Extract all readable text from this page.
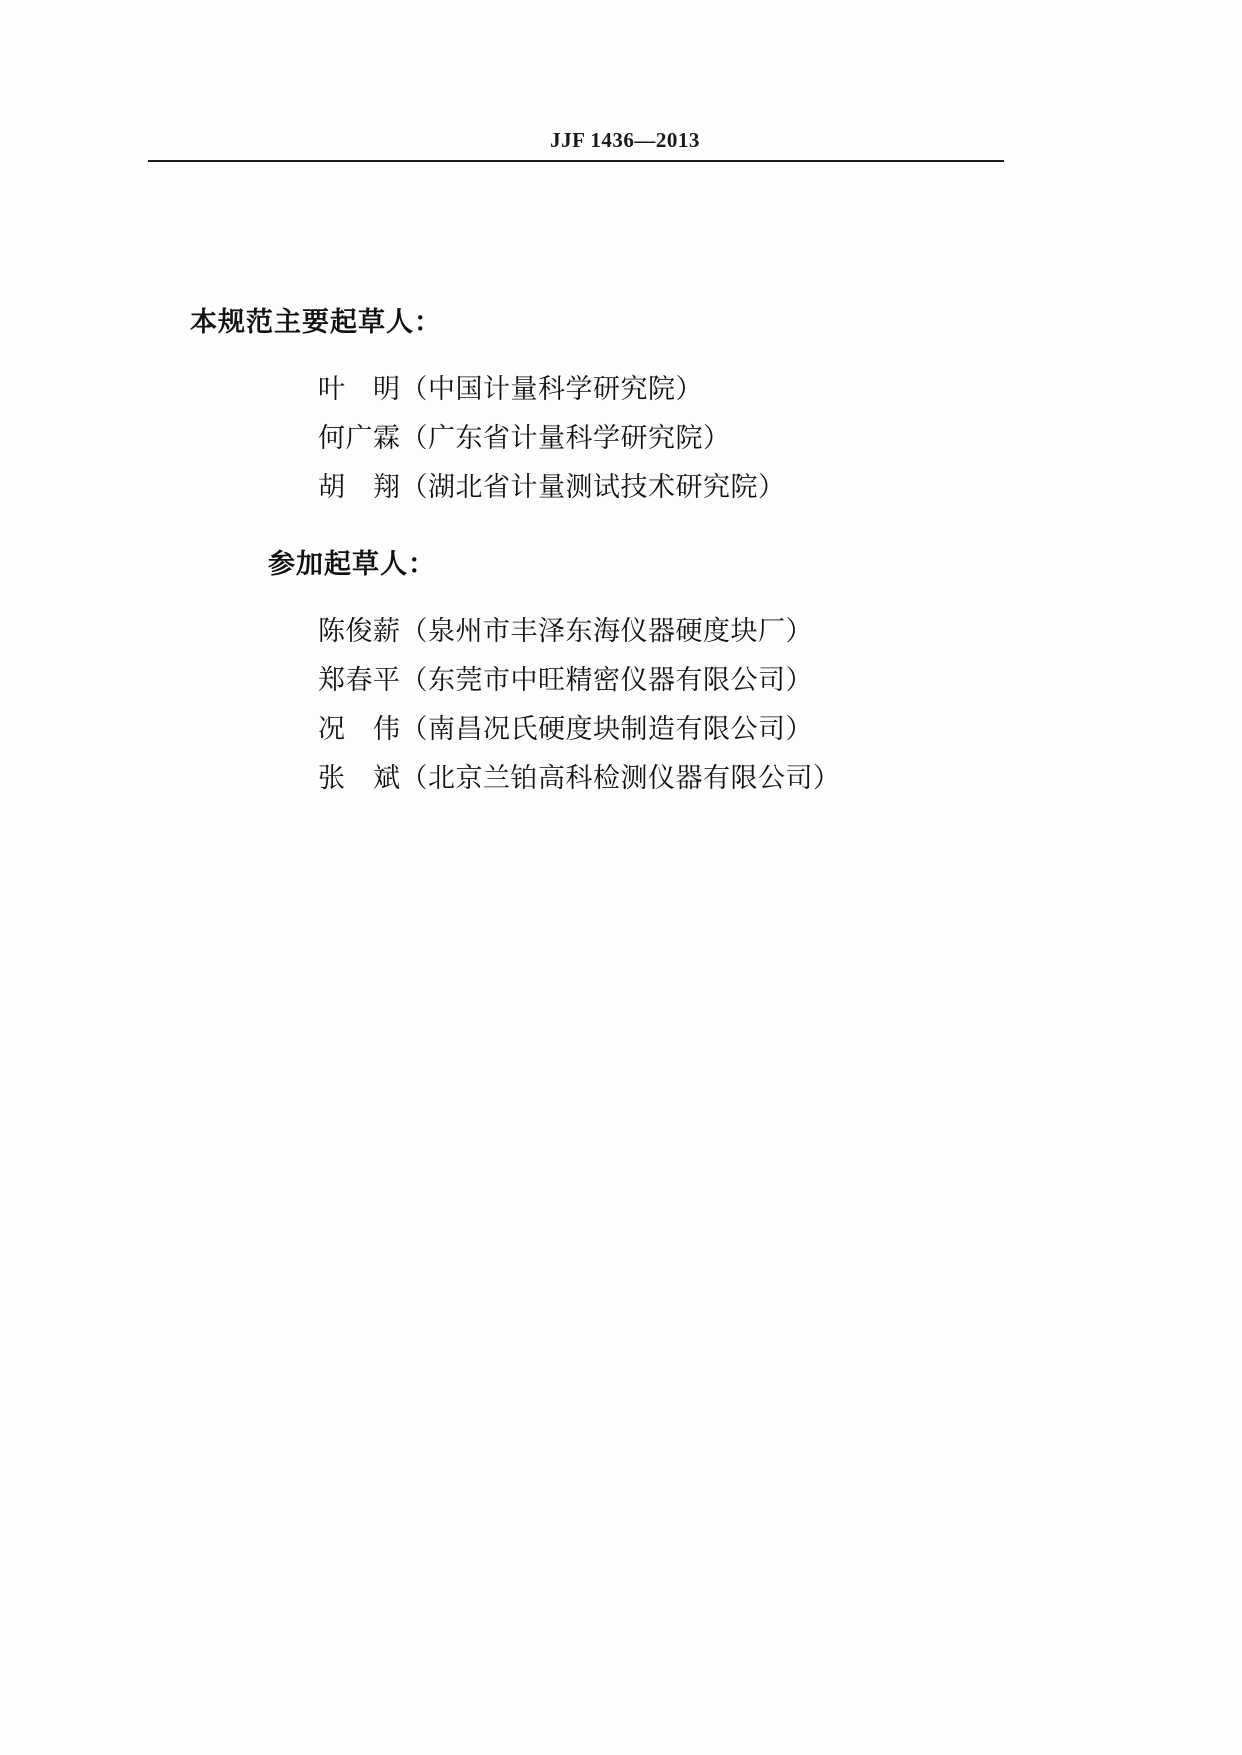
JJF 1436—2013
本规范主要起草人：
叶　明（中国计量科学研究院）
何广霖（广东省计量科学研究院）
胡　翔（湖北省计量测试技术研究院）
参加起草人：
陈俊薪（泉州市丰泽东海仪器硬度块厂）
郑春平（东莞市中旺精密仪器有限公司）
况　伟（南昌况氏硬度块制造有限公司）
张　斌（北京兰铂高科检测仪器有限公司）
